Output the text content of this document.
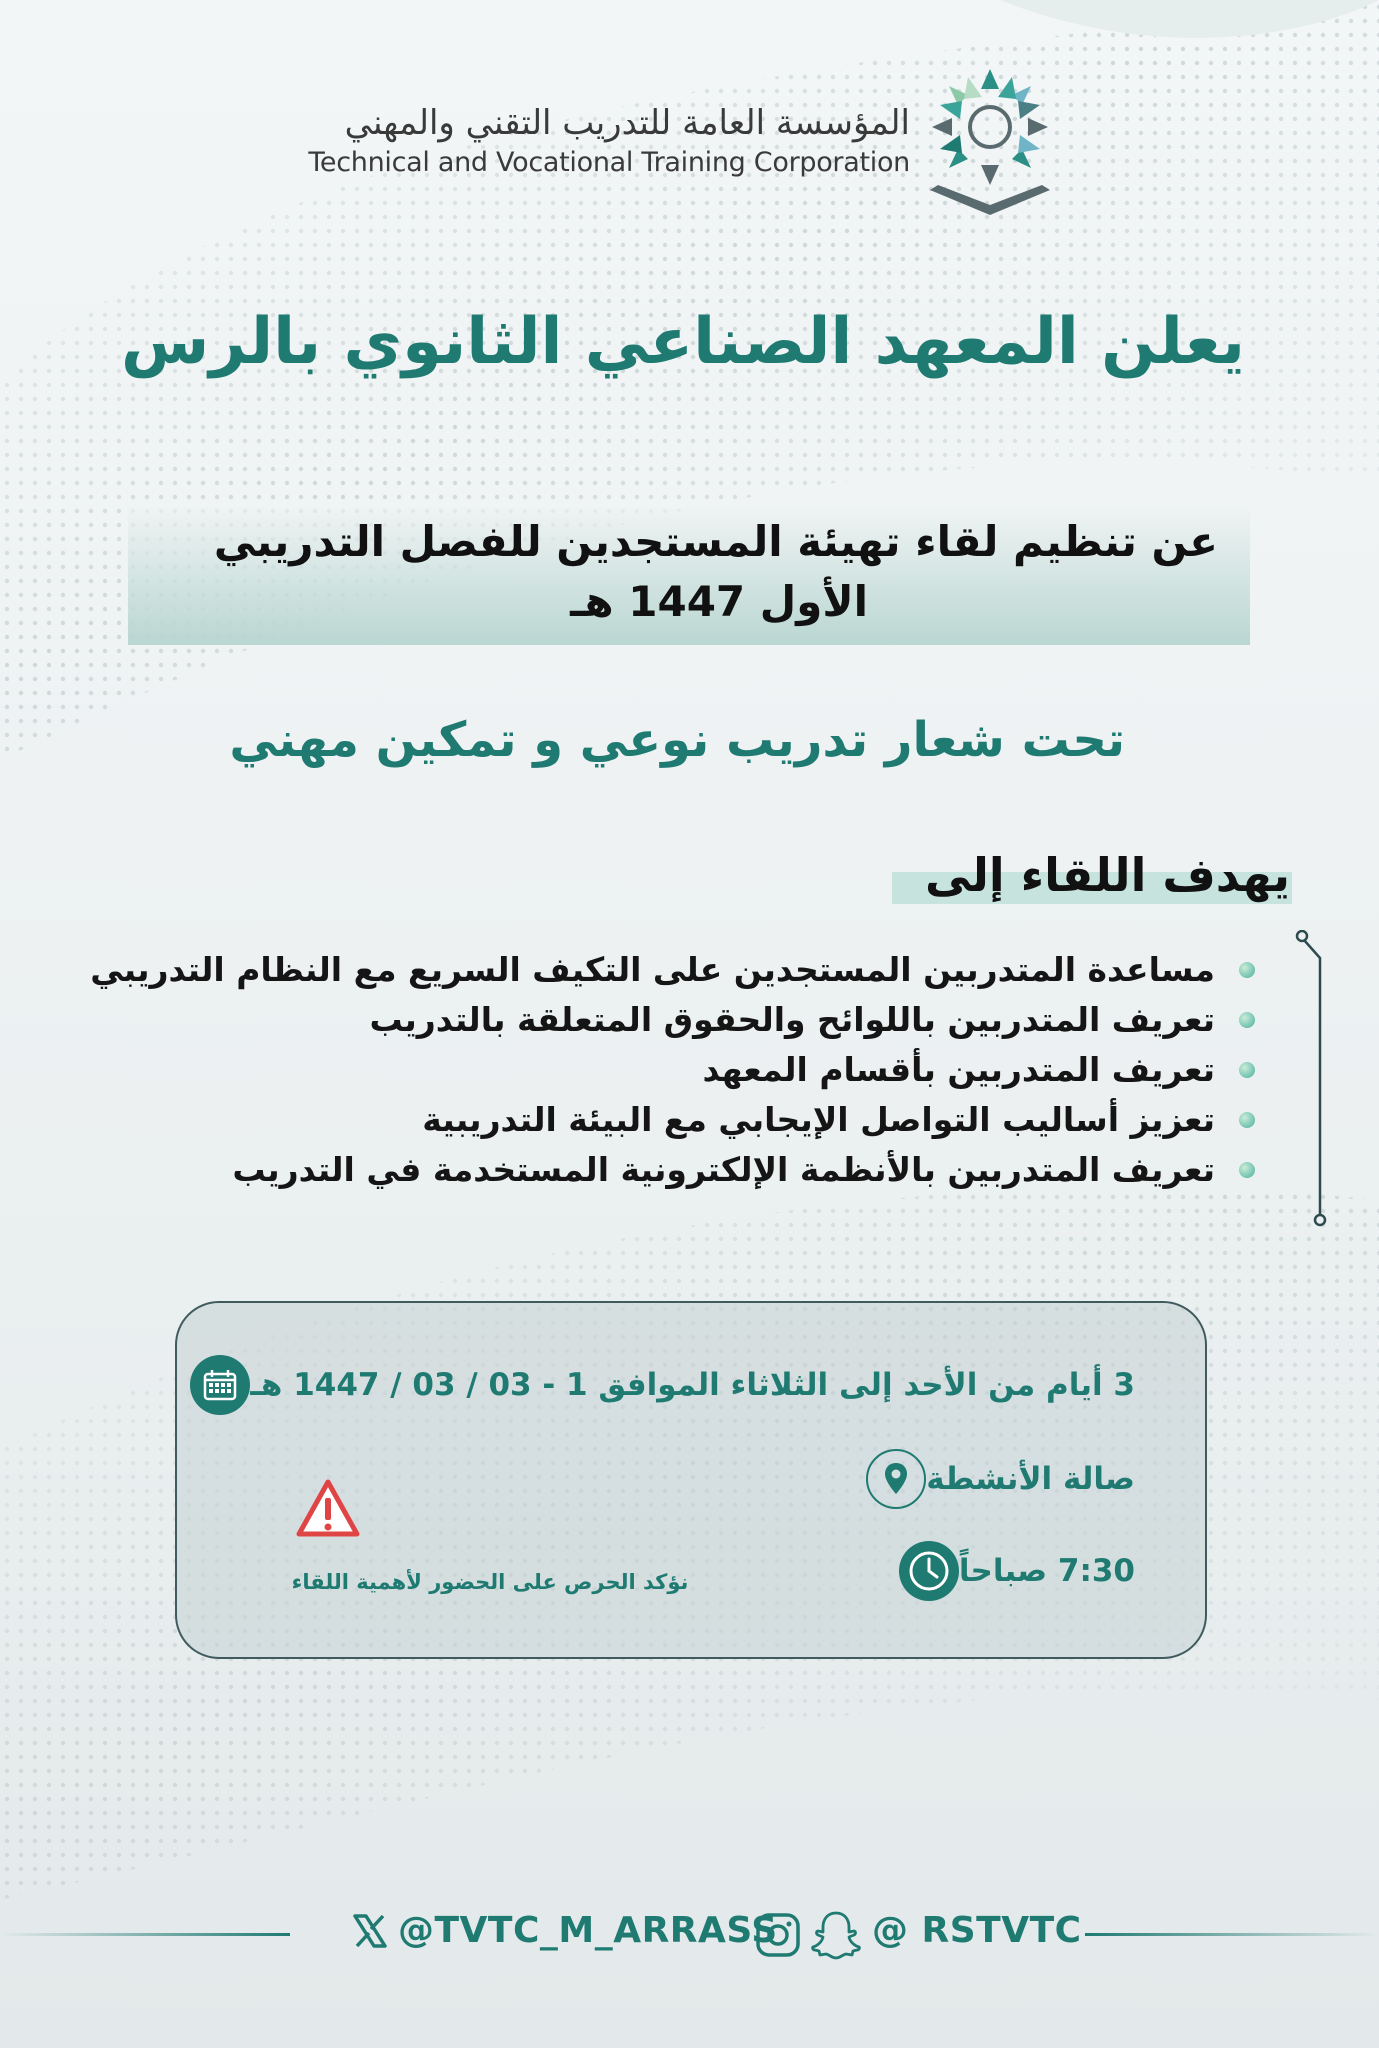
المؤسسة العامة للتدريب التقني والمهني
Technical and Vocational Training Corporation
يعلن المعهد الصناعي الثانوي بالرس
عن تنظيم لقاء تهيئة المستجدين للفصل التدريبي
الأول 1447 هـ
تحت شعار تدريب نوعي و تمكين مهني
يهدف اللقاء إلى
مساعدة المتدربين المستجدين على التكيف السريع مع النظام التدريبي
تعريف المتدربين باللوائح والحقوق المتعلقة بالتدريب
تعريف المتدربين بأقسام المعهد
تعزيز أساليب التواصل الإيجابي مع البيئة التدريبية
تعريف المتدربين بالأنظمة الإلكترونية المستخدمة في التدريب
3 أيام من الأحد إلى الثلاثاء الموافق 1 - 03 / 03 / 1447 هـ
صالة الأنشطة
7:30 صباحاً
نؤكد الحرص على الحضور لأهمية اللقاء
@TVTC_M_ARRASS	@ RSTVTC
